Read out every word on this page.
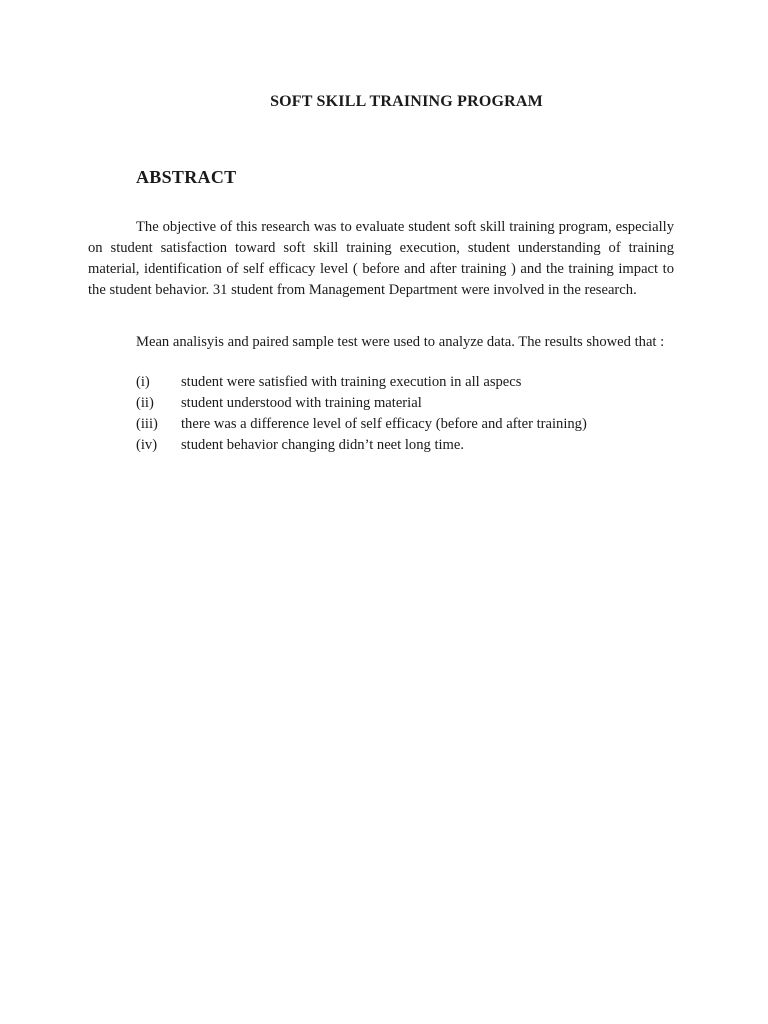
SOFT SKILL TRAINING PROGRAM
ABSTRACT

The objective of this research was to evaluate student soft skill training program, especially on student satisfaction toward soft skill training execution, student understanding of training material, identification of self efficacy level ( before and after training ) and the training impact to the student behavior. 31 student from Management Department were involved in the research.

Mean analisyis and paired sample test were used to analyze data. The results showed that :

(i)	student were satisfied with training execution in all aspecs
(ii)	student understood with training material
(iii)	there was a difference level of self efficacy (before and after training)
(iv)	student behavior changing didn’t neet long time.
